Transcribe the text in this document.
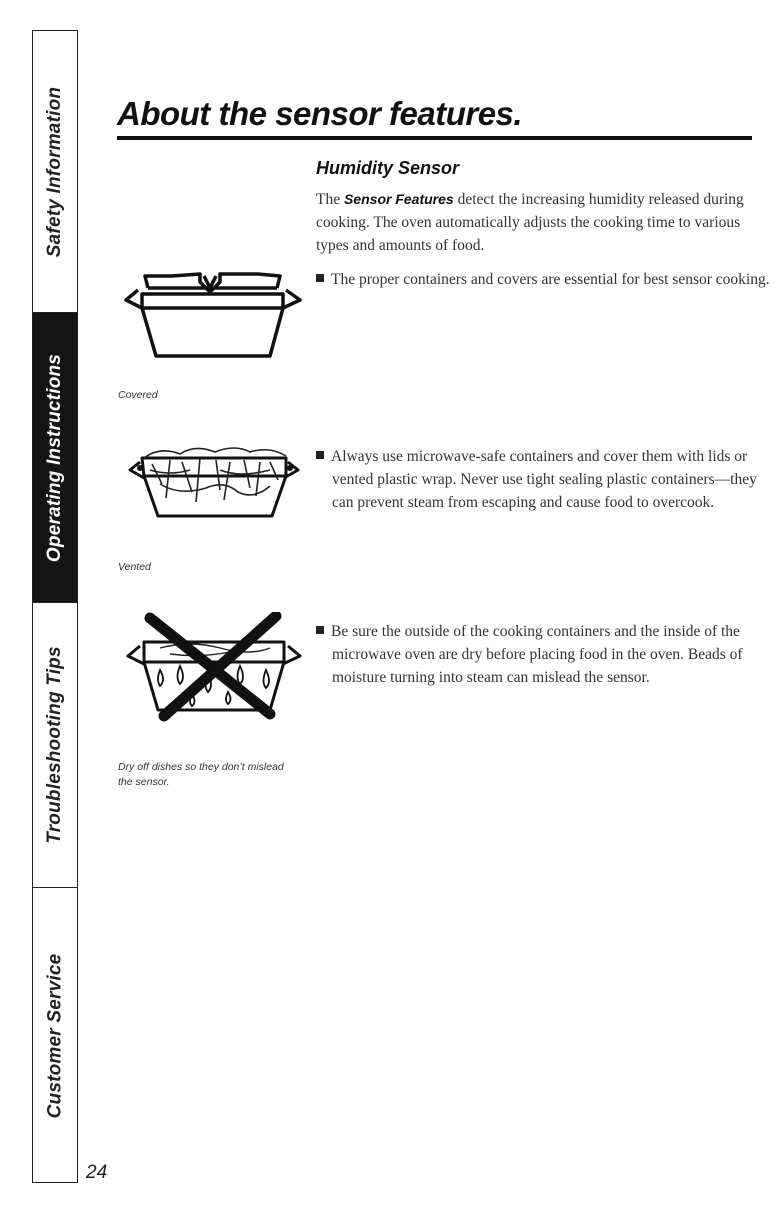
Safety Information
Operating Instructions
Troubleshooting Tips
Customer Service
About the sensor features.
Humidity Sensor

The Sensor Features detect the increasing humidity released during cooking. The oven automatically adjusts the cooking time to various types and amounts of food.

The proper containers and covers are essential for best sensor cooking.

Always use microwave-safe containers and cover them with lids or vented plastic wrap. Never use tight sealing plastic containers—they can prevent steam from escaping and cause food to overcook.

Be sure the outside of the cooking containers and the inside of the microwave oven are dry before placing food in the oven. Beads of moisture turning into steam can mislead the sensor.

Covered

Vented

Dry off dishes so they don’t mislead the sensor.

24
